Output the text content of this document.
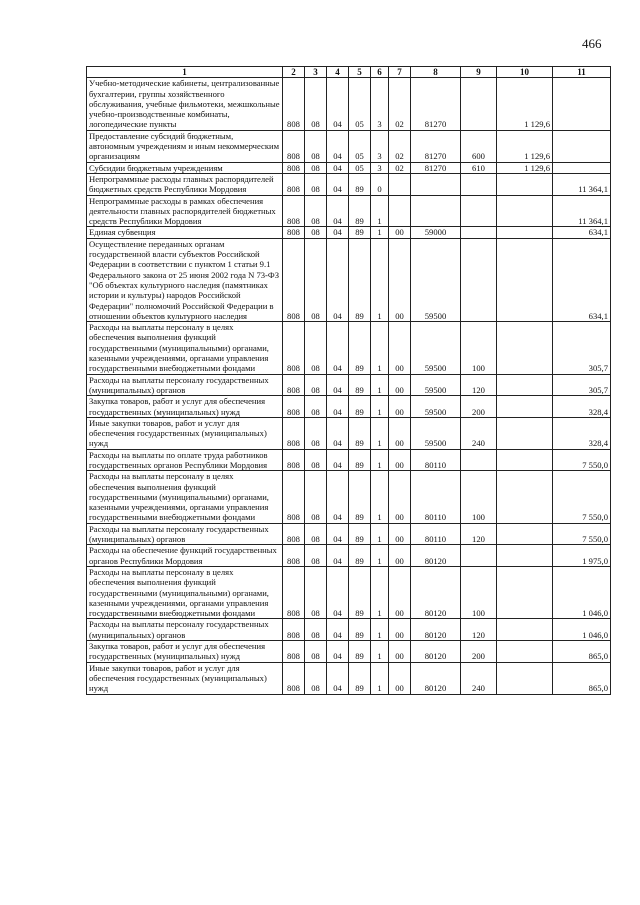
466
1	2	3	4	5	6	7	8	9	10	11
Учебно-методические кабинеты, централизованные бухгалтерии, группы хозяйственного обслуживания, учебные фильмотеки, межшкольные учебно-производственные комбинаты, логопедические пункты	808	08	04	05	3	02	81270		1 129,6	
Предоставление субсидий бюджетным, автономным учреждениям и иным некоммерческим организациям	808	08	04	05	3	02	81270	600	1 129,6	
Субсидии бюджетным учреждениям	808	08	04	05	3	02	81270	610	1 129,6	
Непрограммные расходы главных распорядителей бюджетных средств Республики Мордовия	808	08	04	89	0					11 364,1
Непрограммные расходы в рамках обеспечения деятельности главных распорядителей бюджетных средств Республики Мордовия	808	08	04	89	1					11 364,1
Единая субвенция	808	08	04	89	1	00	59000			634,1
Осуществление переданных органам государственной власти субъектов Российской Федерации в соответствии с пунктом 1 статьи 9.1 Федерального закона от 25 июня 2002 года N 73-ФЗ "Об объектах культурного наследия (памятниках истории и культуры) народов Российской Федерации" полномочий Российской Федерации в отношении объектов культурного наследия	808	08	04	89	1	00	59500			634,1
Расходы на выплаты персоналу в целях обеспечения выполнения функций государственными (муниципальными) органами, казенными учреждениями, органами управления государственными внебюджетными фондами	808	08	04	89	1	00	59500	100		305,7
Расходы на выплаты персоналу государственных (муниципальных) органов	808	08	04	89	1	00	59500	120		305,7
Закупка товаров, работ и услуг для обеспечения государственных (муниципальных) нужд	808	08	04	89	1	00	59500	200		328,4
Иные закупки товаров, работ и услуг для обеспечения государственных (муниципальных) нужд	808	08	04	89	1	00	59500	240		328,4
Расходы на выплаты по оплате труда работников государственных органов Республики Мордовия	808	08	04	89	1	00	80110			7 550,0
Расходы на выплаты персоналу в целях обеспечения выполнения функций государственными (муниципальными) органами, казенными учреждениями, органами управления государственными внебюджетными фондами	808	08	04	89	1	00	80110	100		7 550,0
Расходы на выплаты персоналу государственных (муниципальных) органов	808	08	04	89	1	00	80110	120		7 550,0
Расходы на обеспечение функций государственных органов Республики Мордовия	808	08	04	89	1	00	80120			1 975,0
Расходы на выплаты персоналу в целях обеспечения выполнения функций государственными (муниципальными) органами, казенными учреждениями, органами управления государственными внебюджетными фондами	808	08	04	89	1	00	80120	100		1 046,0
Расходы на выплаты персоналу государственных (муниципальных) органов	808	08	04	89	1	00	80120	120		1 046,0
Закупка товаров, работ и услуг для обеспечения государственных (муниципальных) нужд	808	08	04	89	1	00	80120	200		865,0
Иные закупки товаров, работ и услуг для обеспечения государственных (муниципальных) нужд	808	08	04	89	1	00	80120	240		865,0
